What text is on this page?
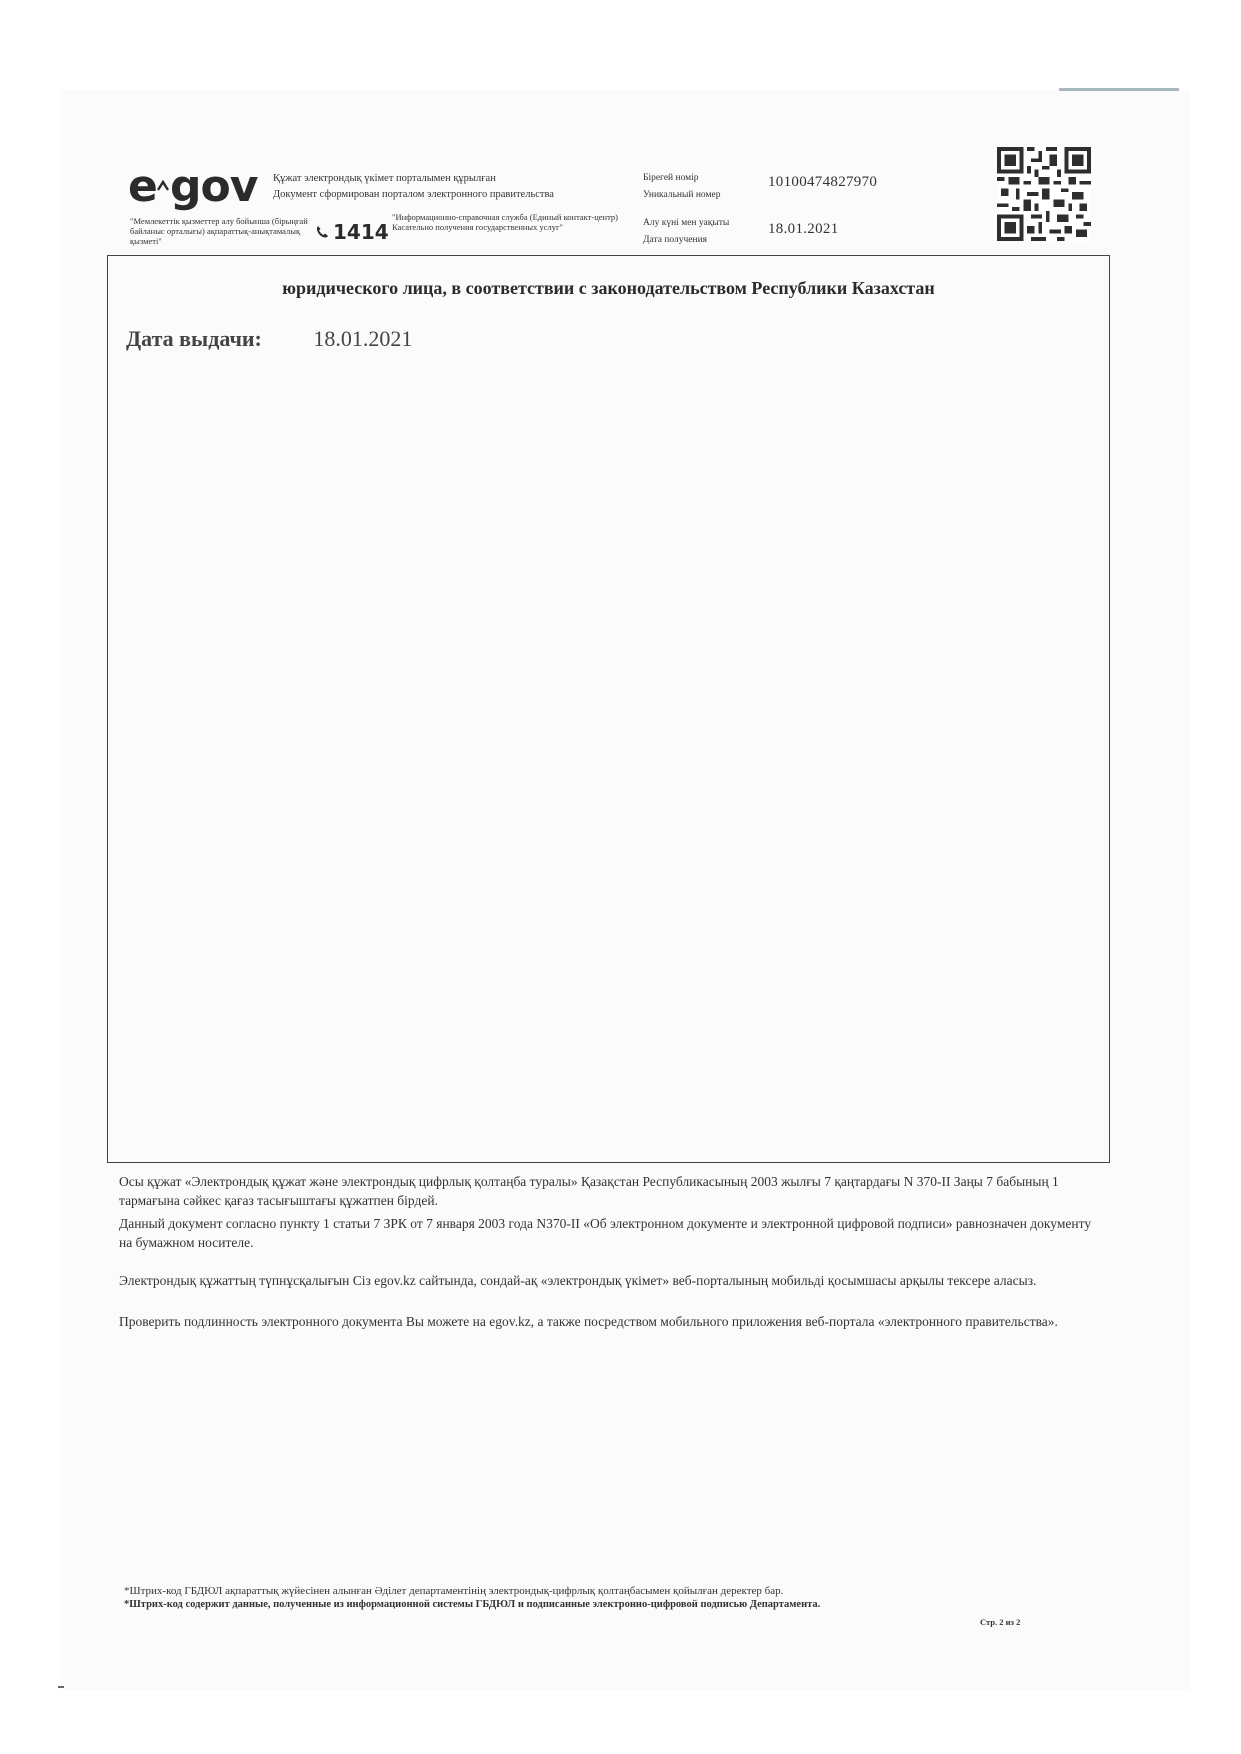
e gov
"Мемлекеттік қызметтер алу бойынша (бірыңғай байланыс орталығы) ақпараттық-анықтамалық қызметі"	1414
"Информационно-справочная служба (Единый контакт-центр) Касательно получения государственных услуг"
Құжат электрондық үкімет порталымен құрылған
Документ сформирован порталом электронного правительства
Бірегей номір
Уникальный номер
10100474827970
Алу күні мен уақыты
Дата получения
18.01.2021
юридического лица, в соответствии с законодательством Республики Казахстан
Дата выдачи: 18.01.2021
Осы құжат «Электрондық құжат және электрондық цифрлық қолтаңба туралы» Қазақстан Республикасының 2003 жылғы 7 қаңтардағы N 370-II Заңы 7 бабының 1 тармағына сәйкес қағаз тасығыштағы құжатпен бірдей.
Данный документ согласно пункту 1 статьи 7 ЗРК от 7 января 2003 года N370-II «Об электронном документе и электронной цифровой подписи» равнозначен документу на бумажном носителе.
Электрондық құжаттың түпнұсқалығын Сіз egov.kz сайтында, сондай-ақ «электрондық үкімет» веб-порталының мобильді қосымшасы арқылы тексере аласыз.
Проверить подлинность электронного документа Вы можете на egov.kz, а также посредством мобильного приложения веб-портала «электронного правительства».
*Штрих-код ГБДЮЛ ақпараттық жүйесінен алынған Әділет департаментінің электрондық-цифрлық қолтаңбасымен қойылған деректер бар.
*Штрих-код содержит данные, полученные из информационной системы ГБДЮЛ и подписанные электронно-цифровой подписью Департамента.
Стр. 2 из 2
